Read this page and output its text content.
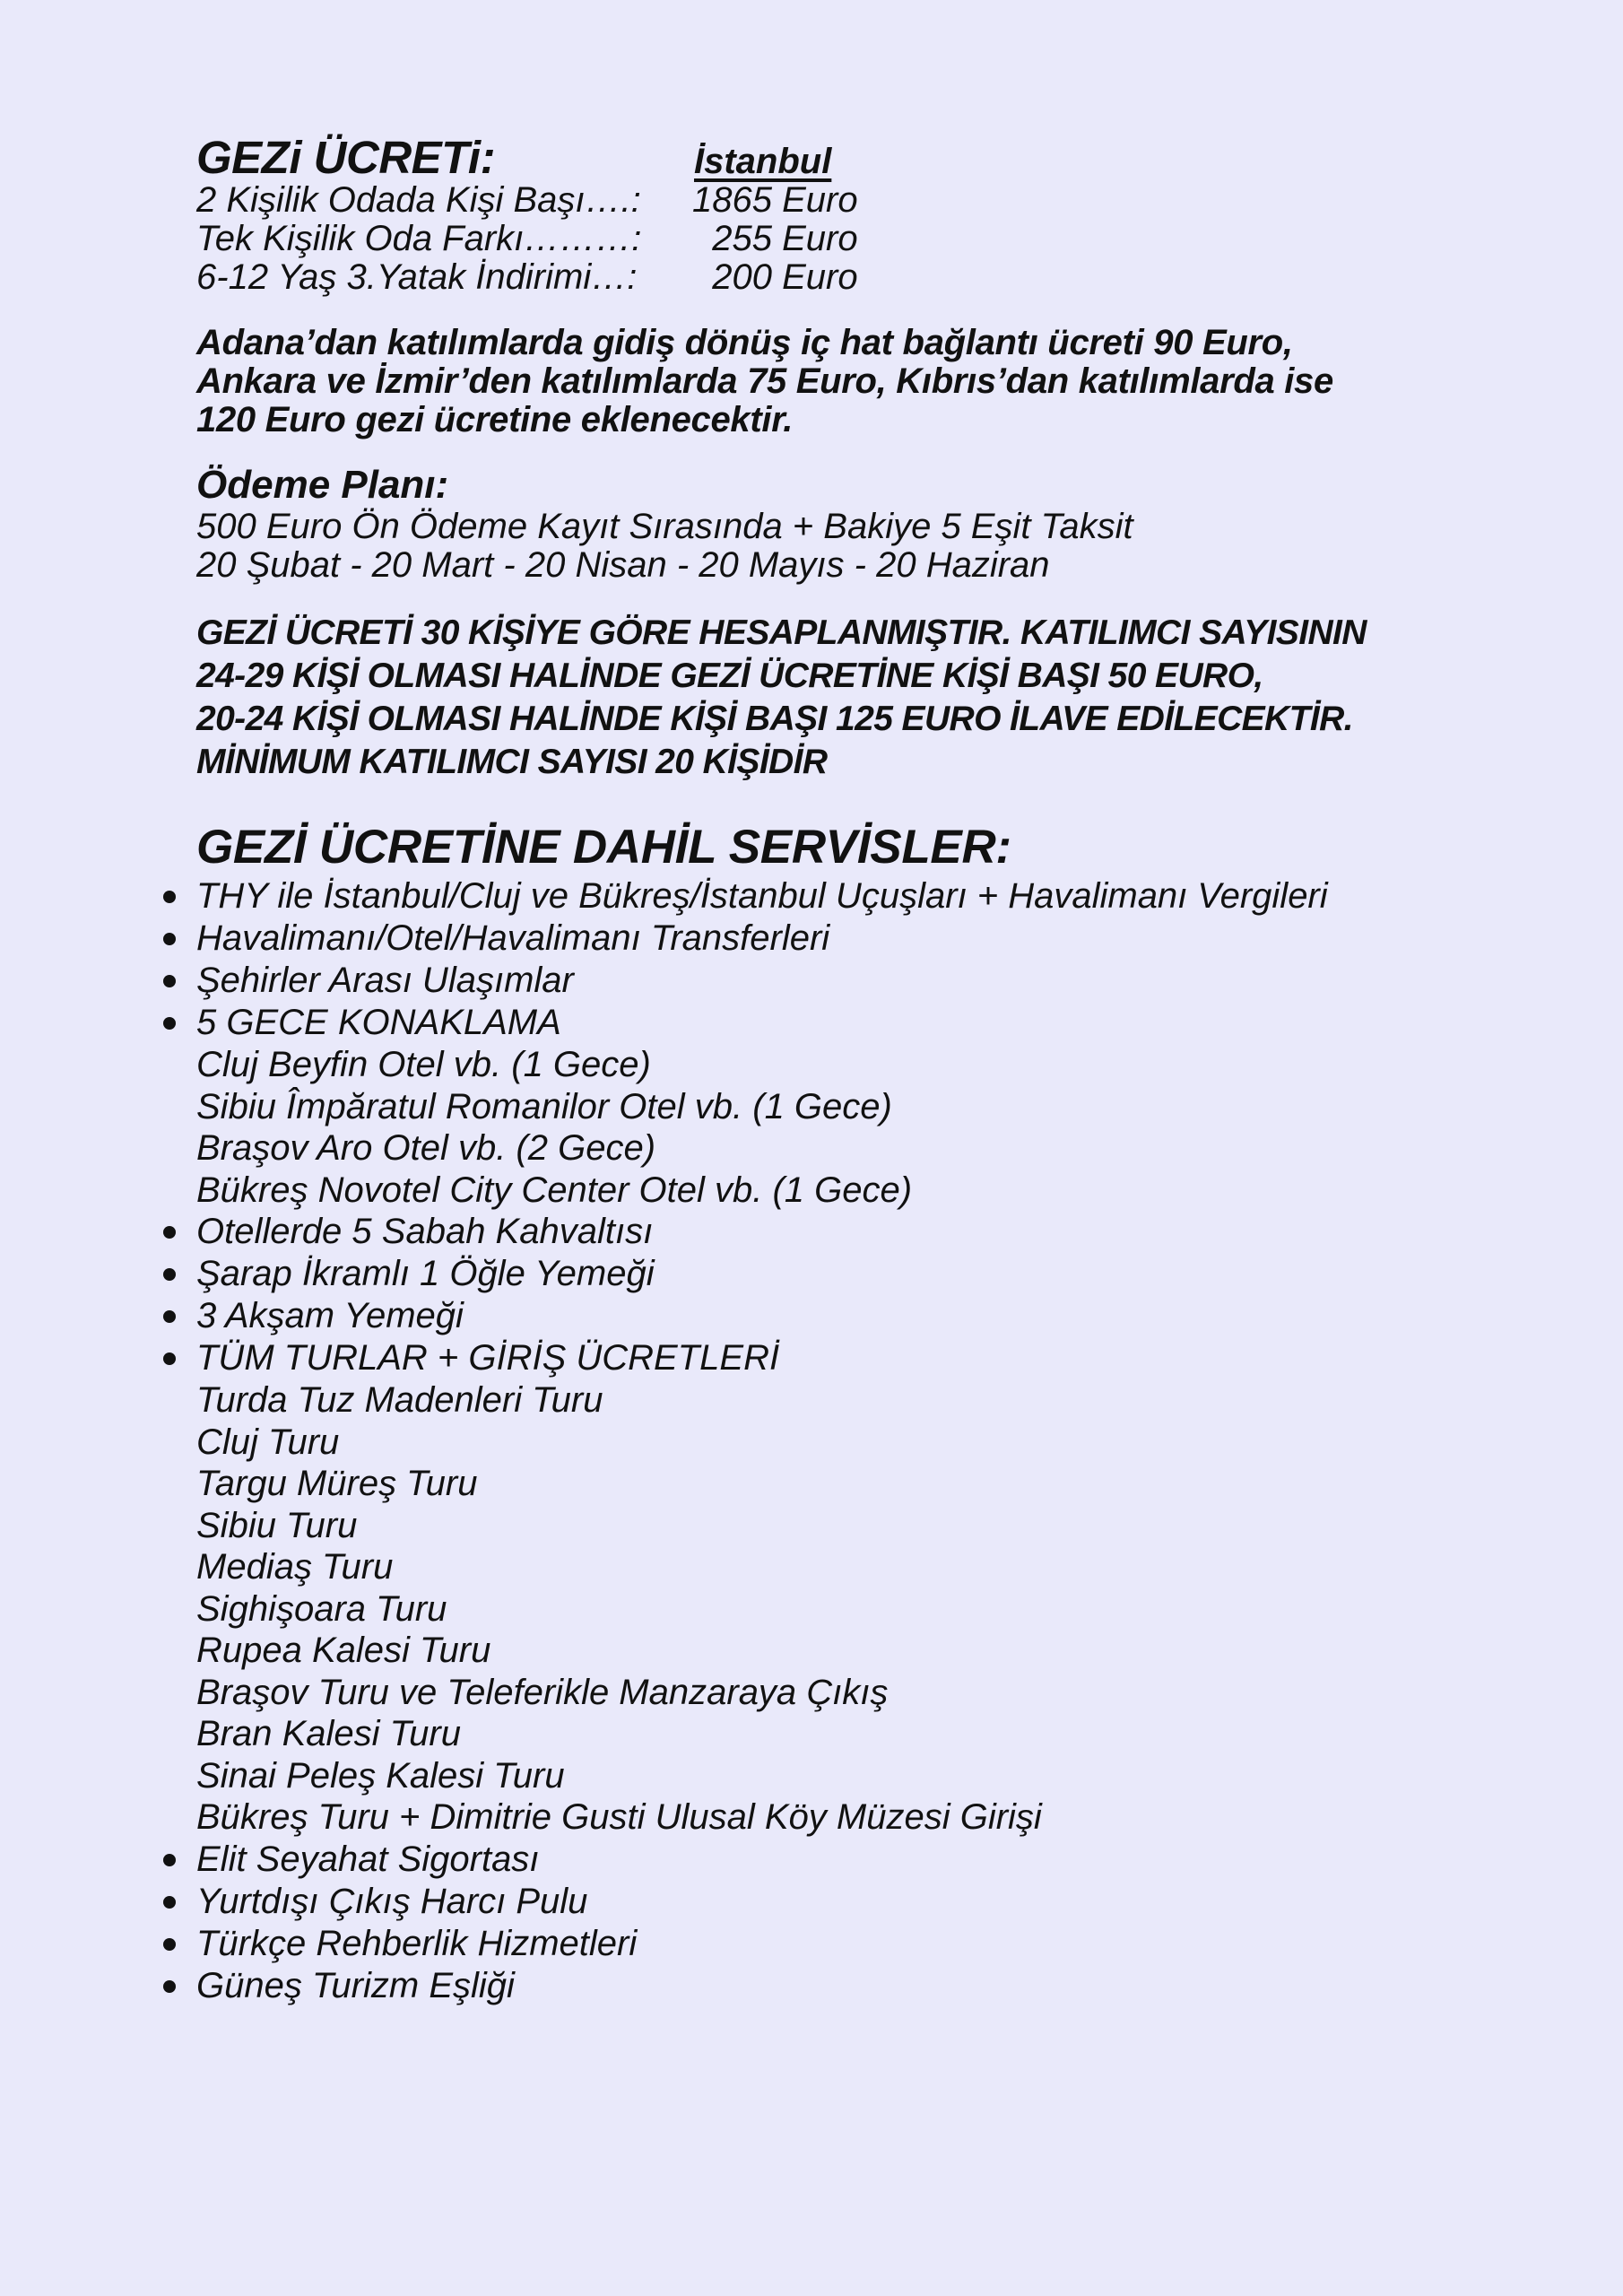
GEZi ÜCRETi:	İstanbul
2 Kişilik Odada Kişi Başı….:	1865 Euro
Tek Kişilik Oda Farkı………:	255 Euro
6-12 Yaş 3.Yatak İndirimi…:	200 Euro
Adana’dan katılımlarda gidiş dönüş iç hat bağlantı ücreti 90 Euro,
Ankara ve İzmir’den katılımlarda 75 Euro, Kıbrıs’dan katılımlarda ise
120 Euro gezi ücretine eklenecektir.
Ödeme Planı:
500 Euro Ön Ödeme Kayıt Sırasında + Bakiye 5 Eşit Taksit
20 Şubat - 20 Mart - 20 Nisan - 20 Mayıs - 20 Haziran
GEZİ ÜCRETİ 30 KİŞİYE GÖRE HESAPLANMIŞTIR. KATILIMCI SAYISININ
24-29 KİŞİ OLMASI HALİNDE GEZİ ÜCRETİNE KİŞİ BAŞI 50 EURO,
20-24 KİŞİ OLMASI HALİNDE KİŞİ BAŞI 125 EURO İLAVE EDİLECEKTİR.
MİNİMUM KATILIMCI SAYISI 20 KİŞİDİR
GEZİ ÜCRETİNE DAHİL SERVİSLER:
THY ile İstanbul/Cluj ve Bükreş/İstanbul Uçuşları + Havalimanı Vergileri
Havalimanı/Otel/Havalimanı Transferleri
Şehirler Arası Ulaşımlar
5 GECE KONAKLAMA
Cluj Beyfin Otel vb. (1 Gece)
Sibiu Împăratul Romanilor Otel vb. (1 Gece)
Braşov Aro Otel vb. (2 Gece)
Bükreş Novotel City Center Otel vb. (1 Gece)
Otellerde 5 Sabah Kahvaltısı
Şarap İkramlı 1 Öğle Yemeği
3 Akşam Yemeği
TÜM TURLAR + GİRİŞ ÜCRETLERİ
Turda Tuz Madenleri Turu
Cluj Turu
Targu Müreş Turu
Sibiu Turu
Mediaş Turu
Sighişoara Turu
Rupea Kalesi Turu
Braşov Turu ve Teleferikle Manzaraya Çıkış
Bran Kalesi Turu
Sinai Peleş Kalesi Turu
Bükreş Turu + Dimitrie Gusti Ulusal Köy Müzesi Girişi
Elit Seyahat Sigortası
Yurtdışı Çıkış Harcı Pulu
Türkçe Rehberlik Hizmetleri
Güneş Turizm Eşliği
